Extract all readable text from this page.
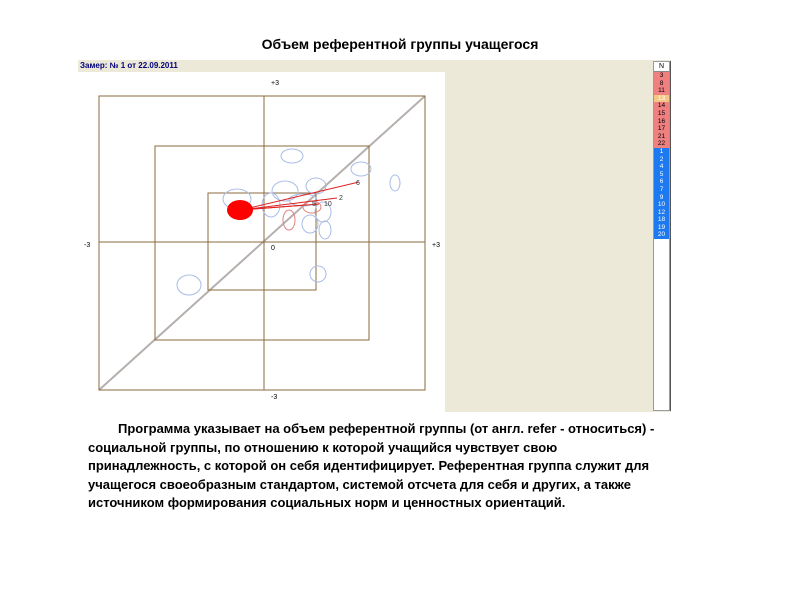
Объем референтной группы учащегося
Замер: № 1 от 22.09.2011
6
2
5 10
+3
-3
-3	+3
0
N
3
8
11
13
14
15
16
17
21
22
1
2
4
5
6
7
9
10
12
18
19
20

Программа указывает на объем референтной группы (от англ. refer - относиться) - социальной группы, по отношению к которой учащийся чувствует свою принадлежность, с которой он себя идентифицирует. Референтная группа служит для учащегося своеобразным стандартом, системой отсчета для себя и других, а также источником формирования социальных норм и ценностных ориентаций.
